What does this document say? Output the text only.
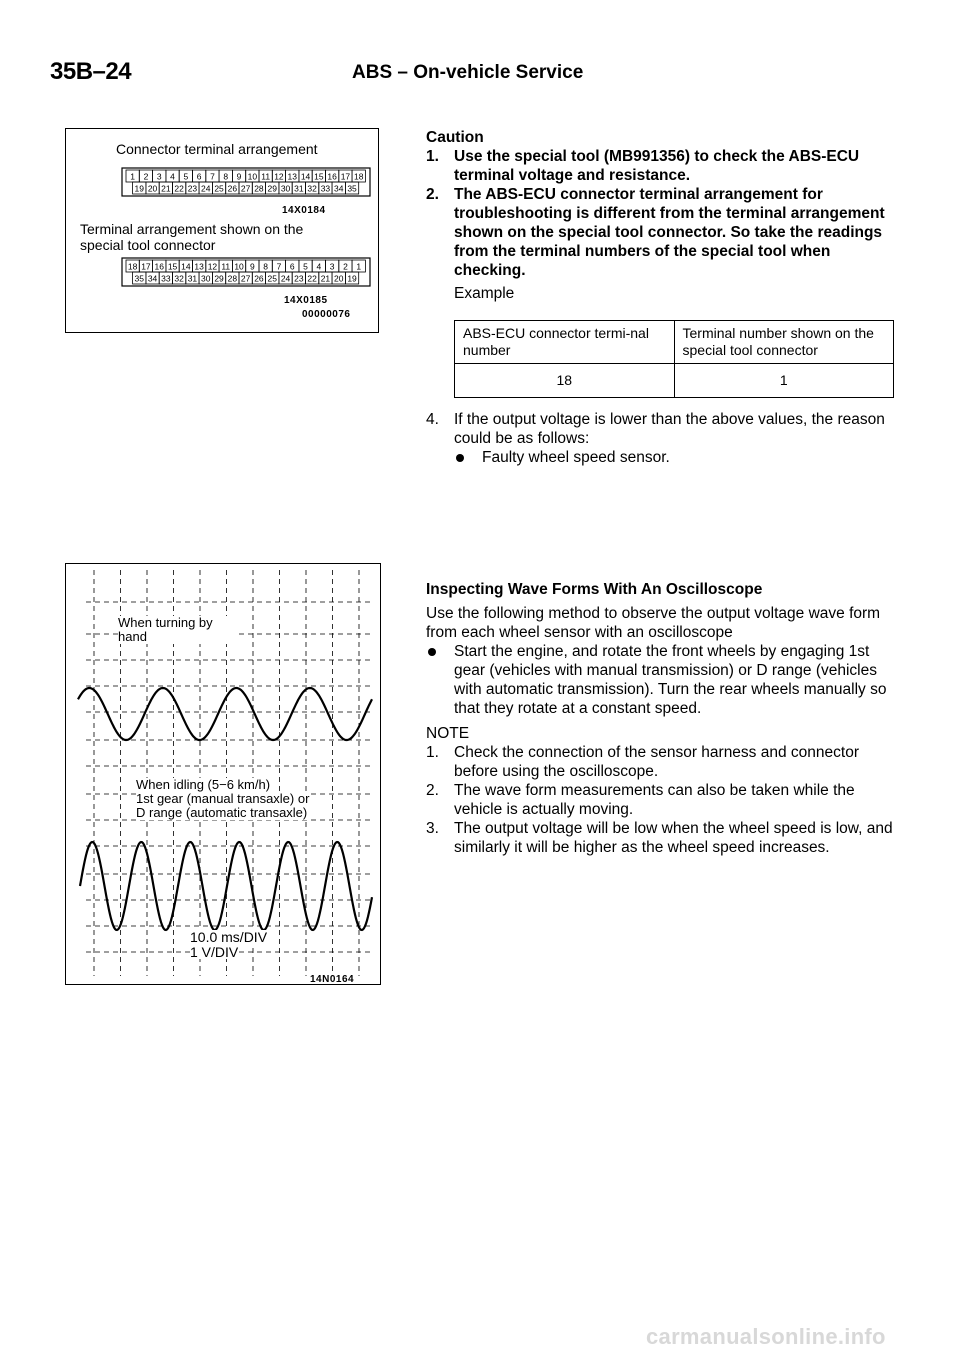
35B–24	ABS – On-vehicle Service
Connector terminal arrangement
1 2 3 4 5 6 7 8 9 10 11 12 13 14 15 16 17 18
19 20 21 22 23 24 25 26 27 28 29 30 31 32 33 34 35
14X0184
Terminal arrangement shown on the special tool connector
18 17 16 15 14 13 12 11 10 9 8 7 6 5 4 3 2 1
35 34 33 32 31 30 29 28 27 26 25 24 23 22 21 20 19
14X0185
00000076
Caution
1. Use the special tool (MB991356) to check the ABS-ECU terminal voltage and resistance.
2. The ABS-ECU connector terminal arrangement for troubleshooting is different from the terminal arrangement shown on the special tool connector. So take the readings from the terminal numbers of the special tool when checking.
Example
ABS-ECU connector termi-nal number	Terminal number shown on the special tool connector
18	1
4. If the output voltage is lower than the above values, the reason could be as follows:
Faulty wheel speed sensor.
When turning by hand
When idling (5−6 km/h)
1st gear (manual transaxle) or
D range (automatic transaxle)
10.0 ms/DIV
1 V/DIV
14N0164
Inspecting Wave Forms With An Oscilloscope
Use the following method to observe the output voltage wave form from each wheel sensor with an oscilloscope
Start the engine, and rotate the front wheels by engaging 1st gear (vehicles with manual transmission) or D range (vehicles with automatic transmission). Turn the rear wheels manually so that they rotate at a constant speed.
NOTE
1. Check the connection of the sensor harness and connector before using the oscilloscope.
2. The wave form measurements can also be taken while the vehicle is actually moving.
3. The output voltage will be low when the wheel speed is low, and similarly it will be higher as the wheel speed increases.
carmanualsonline.info
